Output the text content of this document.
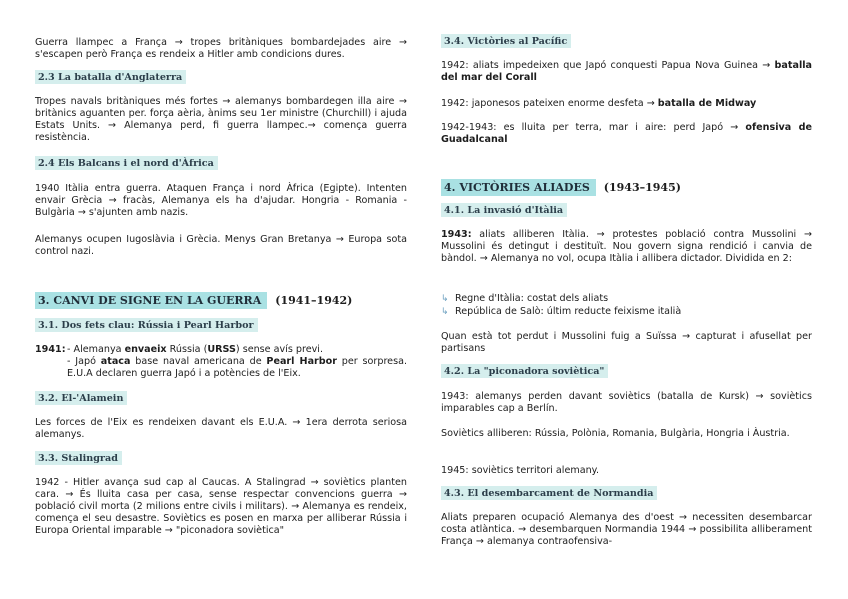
Guerra llampec a França → tropes britàniques bombardejades aire → s'escapen però França es rendeix a Hitler amb condicions dures.

2.3 La batalla d'Anglaterra

Tropes navals britàniques més fortes → alemanys bombardegen illa aire → britànics aguanten per. força aèria, ànims seu 1er ministre (Churchill) i ajuda Estats Units. → Alemanya perd, fi guerra llampec.→ comença guerra resistència.

2.4 Els Balcans i el nord d'Àfrica

1940 Itàlia entra guerra. Ataquen França i nord Àfrica (Egipte). Intenten envair Grècia → fracàs, Alemanya els ha d'ajudar. Hongria - Romania - Bulgària → s'ajunten amb nazis.

Alemanys ocupen Iugoslàvia i Grècia. Menys Gran Bretanya → Europa sota control nazi.

3. CANVI DE SIGNE EN LA GUERRA (1941–1942)
3.1. Dos fets clau: Rússia i Pearl Harbor
1941: - Alemanya envaeix Rússia (URSS) sense avís previ.
- Japó ataca base naval americana de Pearl Harbor per sorpresa. E.U.A declaren guerra Japó i a potències de l'Eix.
3.2. El-'Alamein

Les forces de l'Eix es rendeixen davant els E.U.A. → 1era derrota seriosa alemanys.

3.3. Stalingrad

1942 - Hitler avança sud cap al Caucas. A Stalingrad → soviètics planten cara. → És lluita casa per casa, sense respectar convencions guerra → població civil morta (2 milions entre civils i militars). → Alemanya es rendeix, comença el seu desastre. Soviètics es posen en marxa per alliberar Rússia i Europa Oriental imparable → "piconadora soviètica"

3.4. Victòries al Pacífic

1942: aliats impedeixen que Japó conquesti Papua Nova Guinea → batalla del mar del Corall

1942: japonesos pateixen enorme desfeta → batalla de Midway

1942-1943: es lluita per terra, mar i aire: perd Japó → ofensiva de Guadalcanal

4. VICTÒRIES ALIADES (1943–1945)
4.1. La invasió d'Itàlia

1943: aliats alliberen Itàlia. → protestes població contra Mussolini → Mussolini és detingut i destituït. Nou govern signa rendició i canvia de bàndol. → Alemanya no vol, ocupa Itàlia i allibera dictador. Dividida en 2:

↳ Regne d'Itàlia: costat dels aliats
↳ República de Salò: últim reducte feixisme italià

Quan està tot perdut i Mussolini fuig a Suïssa → capturat i afusellat per partisans

4.2. La "piconadora soviètica"

1943: alemanys perden davant soviètics (batalla de Kursk) → soviètics imparables cap a Berlín.

Soviètics alliberen: Rússia, Polònia, Romania, Bulgària, Hongria i Àustria.

1945: soviètics territori alemany.

4.3. El desembarcament de Normandia

Aliats preparen ocupació Alemanya des d'oest → necessiten desembarcar costa atlàntica. → desembarquen Normandia 1944 → possibilita alliberament França → alemanya contraofensiva-
